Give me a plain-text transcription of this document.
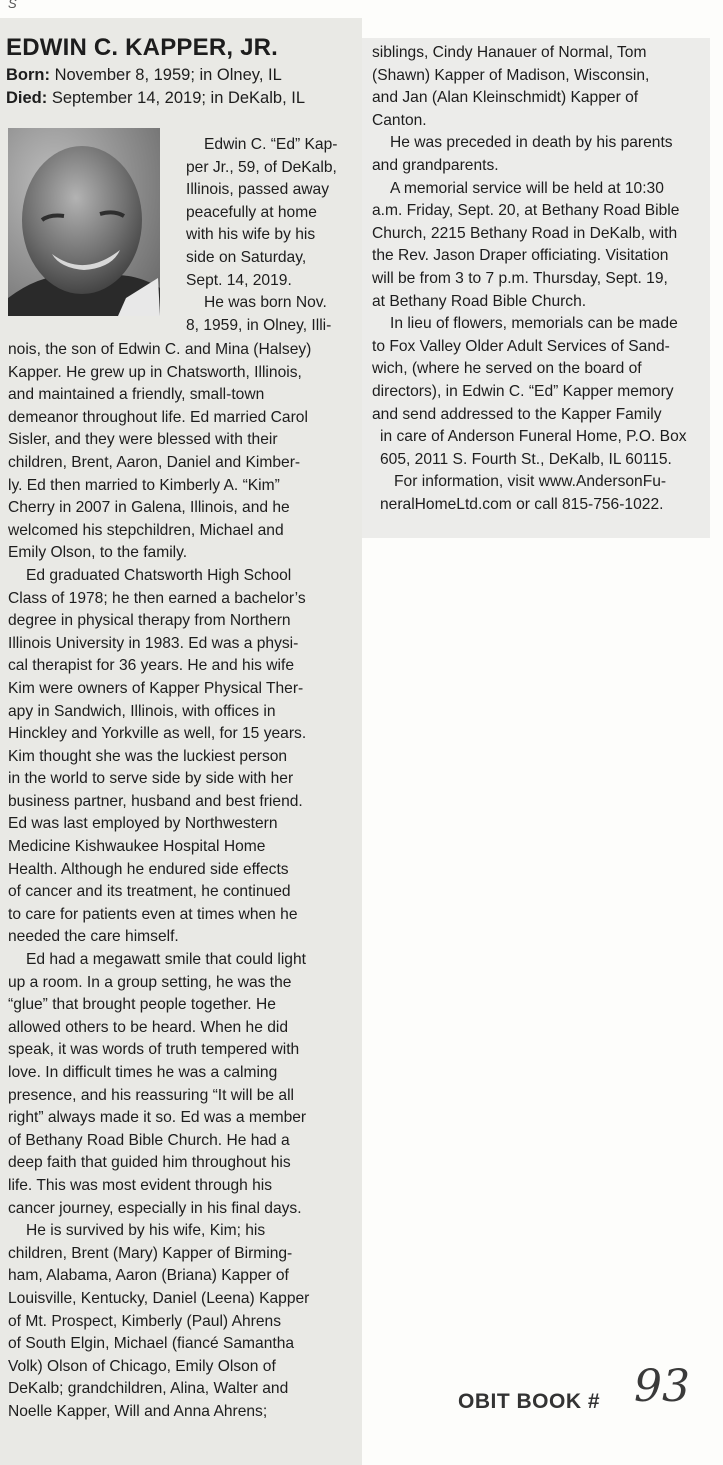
S
EDWIN C. KAPPER, JR.
Born: November 8, 1959; in Olney, IL
Died: September 14, 2019; in DeKalb, IL
Edwin C. “Ed” Kap-
per Jr., 59, of DeKalb,
Illinois, passed away
peacefully at home
with his wife by his
side on Saturday,
Sept. 14, 2019.
He was born Nov.
8, 1959, in Olney, Illi-
nois, the son of Edwin C. and Mina (Halsey)
Kapper. He grew up in Chatsworth, Illinois,
and maintained a friendly, small-town
demeanor throughout life. Ed married Carol
Sisler, and they were blessed with their
children, Brent, Aaron, Daniel and Kimber-
ly. Ed then married to Kimberly A. “Kim”
Cherry in 2007 in Galena, Illinois, and he
welcomed his stepchildren, Michael and
Emily Olson, to the family.
Ed graduated Chatsworth High School
Class of 1978; he then earned a bachelor’s
degree in physical therapy from Northern
Illinois University in 1983. Ed was a physi-
cal therapist for 36 years. He and his wife
Kim were owners of Kapper Physical Ther-
apy in Sandwich, Illinois, with offices in
Hinckley and Yorkville as well, for 15 years.
Kim thought she was the luckiest person
in the world to serve side by side with her
business partner, husband and best friend.
Ed was last employed by Northwestern
Medicine Kishwaukee Hospital Home
Health. Although he endured side effects
of cancer and its treatment, he continued
to care for patients even at times when he
needed the care himself.
Ed had a megawatt smile that could light
up a room. In a group setting, he was the
“glue” that brought people together. He
allowed others to be heard. When he did
speak, it was words of truth tempered with
love. In difficult times he was a calming
presence, and his reassuring “It will be all
right” always made it so. Ed was a member
of Bethany Road Bible Church. He had a
deep faith that guided him throughout his
life. This was most evident through his
cancer journey, especially in his final days.
He is survived by his wife, Kim; his
children, Brent (Mary) Kapper of Birming-
ham, Alabama, Aaron (Briana) Kapper of
Louisville, Kentucky, Daniel (Leena) Kapper
of Mt. Prospect, Kimberly (Paul) Ahrens
of South Elgin, Michael (fiancé Samantha
Volk) Olson of Chicago, Emily Olson of
DeKalb; grandchildren, Alina, Walter and
Noelle Kapper, Will and Anna Ahrens;
siblings, Cindy Hanauer of Normal, Tom
(Shawn) Kapper of Madison, Wisconsin,
and Jan (Alan Kleinschmidt) Kapper of
Canton.
He was preceded in death by his parents
and grandparents.
A memorial service will be held at 10:30
a.m. Friday, Sept. 20, at Bethany Road Bible
Church, 2215 Bethany Road in DeKalb, with
the Rev. Jason Draper officiating. Visitation
will be from 3 to 7 p.m. Thursday, Sept. 19,
at Bethany Road Bible Church.
In lieu of flowers, memorials can be made
to Fox Valley Older Adult Services of Sand-
wich, (where he served on the board of
directors), in Edwin C. “Ed” Kapper memory
and send addressed to the Kapper Family
in care of Anderson Funeral Home, P.O. Box
605, 2011 S. Fourth St., DeKalb, IL 60115.
For information, visit www.AndersonFu-
neralHomeLtd.com or call 815-756-1022.
OBIT BOOK # 93
